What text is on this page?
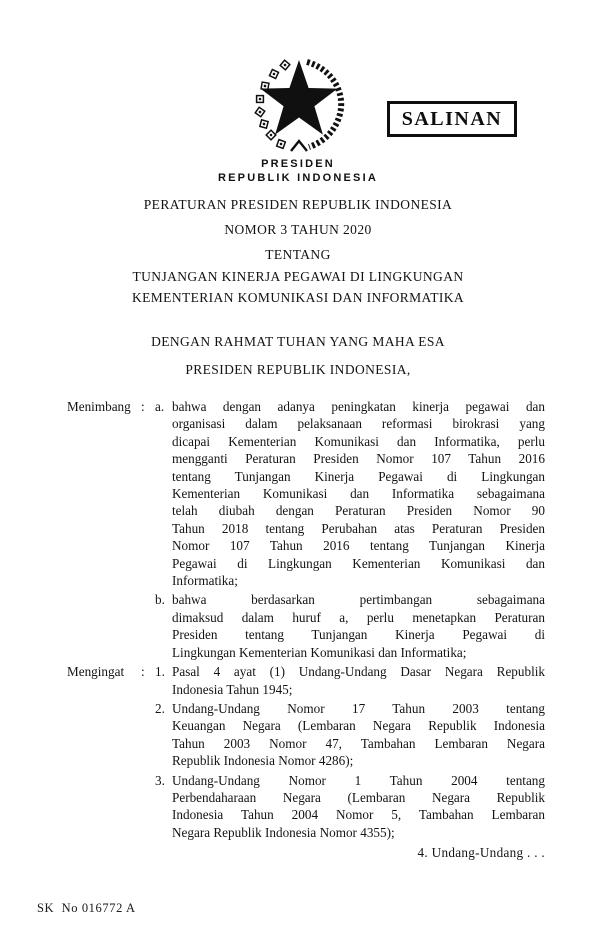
SALINAN
PRESIDEN
REPUBLIK INDONESIA
PERATURAN PRESIDEN REPUBLIK INDONESIA
NOMOR 3 TAHUN 2020
TENTANG
TUNJANGAN KINERJA PEGAWAI DI LINGKUNGAN
KEMENTERIAN KOMUNIKASI DAN INFORMATIKA
DENGAN RAHMAT TUHAN YANG MAHA ESA
PRESIDEN REPUBLIK INDONESIA,
Menimbang : a. bahwa dengan adanya peningkatan kinerja pegawai dan
organisasi dalam pelaksanaan reformasi birokrasi yang
dicapai Kementerian Komunikasi dan Informatika, perlu
mengganti Peraturan Presiden Nomor 107 Tahun 2016
tentang Tunjangan Kinerja Pegawai di Lingkungan
Kementerian Komunikasi dan Informatika sebagaimana
telah diubah dengan Peraturan Presiden Nomor 90
Tahun 2018 tentang Perubahan atas Peraturan Presiden
Nomor 107 Tahun 2016 tentang Tunjangan Kinerja
Pegawai di Lingkungan Kementerian Komunikasi dan
Informatika;
b. bahwa berdasarkan pertimbangan sebagaimana
dimaksud dalam huruf a, perlu menetapkan Peraturan
Presiden tentang Tunjangan Kinerja Pegawai di
Lingkungan Kementerian Komunikasi dan Informatika;
Mengingat	: 1. Pasal 4 ayat (1) Undang-Undang Dasar Negara Republik
Indonesia Tahun 1945;
2. Undang-Undang Nomor 17 Tahun 2003 tentang
Keuangan Negara (Lembaran Negara Republik Indonesia
Tahun 2003 Nomor 47, Tambahan Lembaran Negara
Republik Indonesia Nomor 4286);
3. Undang-Undang Nomor 1 Tahun 2004 tentang
Perbendaharaan Negara (Lembaran Negara Republik
Indonesia Tahun 2004 Nomor 5, Tambahan Lembaran
Negara Republik Indonesia Nomor 4355);
4. Undang-Undang . . .
SK  No 016772 A
